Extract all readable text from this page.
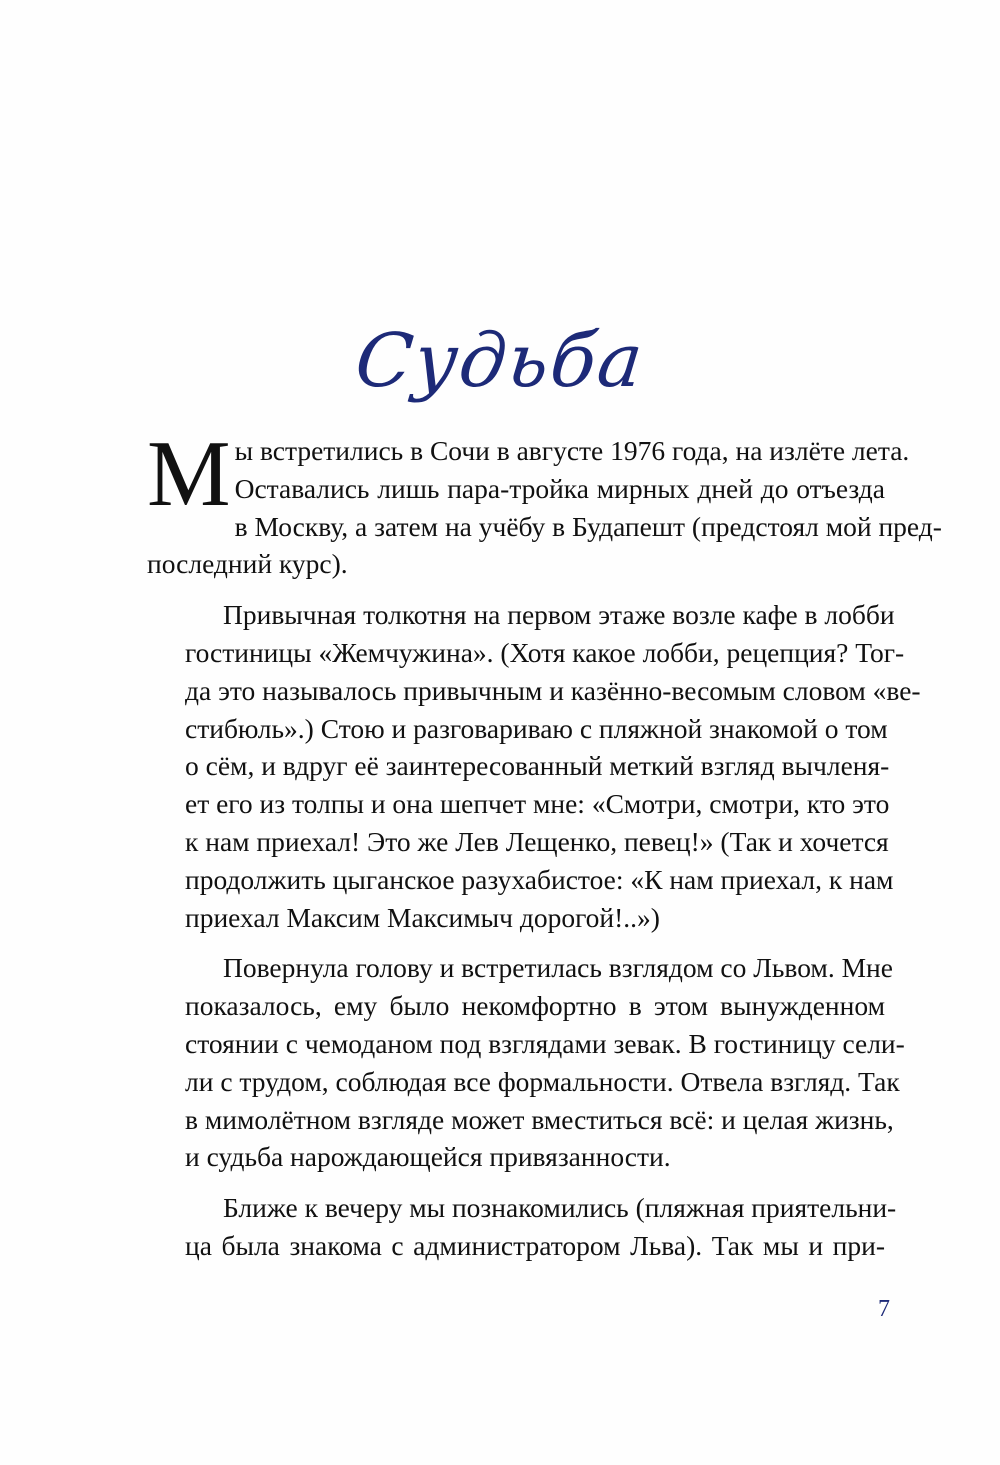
Судьба
М ы встретились в Сочи в августе 1976 года, на излёте лета.
Оставались лишь пара-тройка мирных дней до отъезда
в Москву, а затем на учёбу в Будапешт (предстоял мой пред-
последний курс).
Привычная толкотня на первом этаже возле кафе в лобби
гостиницы «Жемчужина». (Хотя какое лобби, рецепция? Тог-
да это называлось привычным и казённо-весомым словом «ве-
стибюль».) Стою и разговариваю с пляжной знакомой о том
о сём, и вдруг её заинтересованный меткий взгляд вычленя-
ет его из толпы и она шепчет мне: «Смотри, смотри, кто это
к нам приехал! Это же Лев Лещенко, певец!» (Так и хочется
продолжить цыганское разухабистое: «К нам приехал, к нам
приехал Максим Максимыч дорогой!..»)
Повернула голову и встретилась взглядом со Львом. Мне
показалось, ему было некомфортно в этом вынужденном
стоянии с чемоданом под взглядами зевак. В гостиницу сели-
ли с трудом, соблюдая все формальности. Отвела взгляд. Так
в мимолётном взгляде может вместиться всё: и целая жизнь,
и судьба нарождающейся привязанности.
Ближе к вечеру мы познакомились (пляжная приятельни-
ца была знакома с администратором Льва). Так мы и при-
7
